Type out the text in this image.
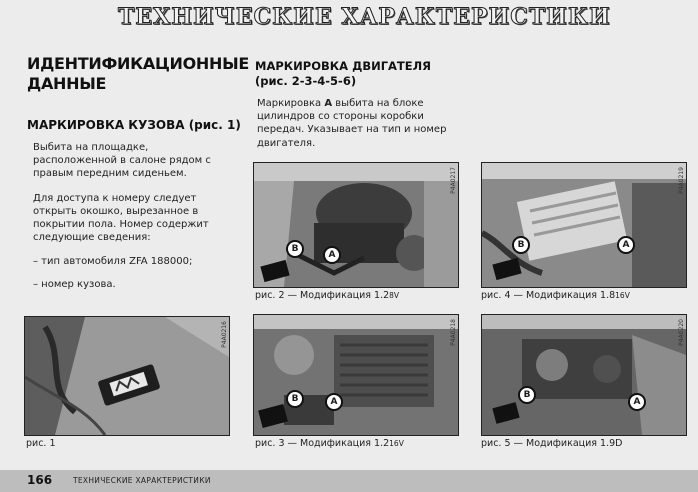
ТЕХНИЧЕСКИЕ ХАРАКТЕРИСТИКИ
ИДЕНТИФИКАЦИОННЫЕ ДАННЫЕ
МАРКИРОВКА КУЗОВА (рис. 1)

Выбита на площадке, расположенной в салоне рядом с правым передним сиденьем.

Для доступа к номеру следует открыть окошко, вырезанное в покрытии пола. Номер содержит следующие сведения:

– тип автомобиля ZFA 188000;

– номер кузова.

P4A0216
рис. 1
МАРКИРОВКА ДВИГАТЕЛЯ
(рис. 2-3-4-5-6)
Маркировка А выбита на блоке цилиндров со стороны коробки передач. Указывает на тип и номер двигателя.
P4A0217
B
A
рис. 2 — Модификация 1.28V
P4A0219
B	A
рис. 4 — Модификация 1.816V
P4A0218
B	A
рис. 3 — Модификация 1.216V
P4A0220
B
A
рис. 5 — Модификация 1.9D
166	ТЕХНИЧЕСКИЕ ХАРАКТЕРИСТИКИ
